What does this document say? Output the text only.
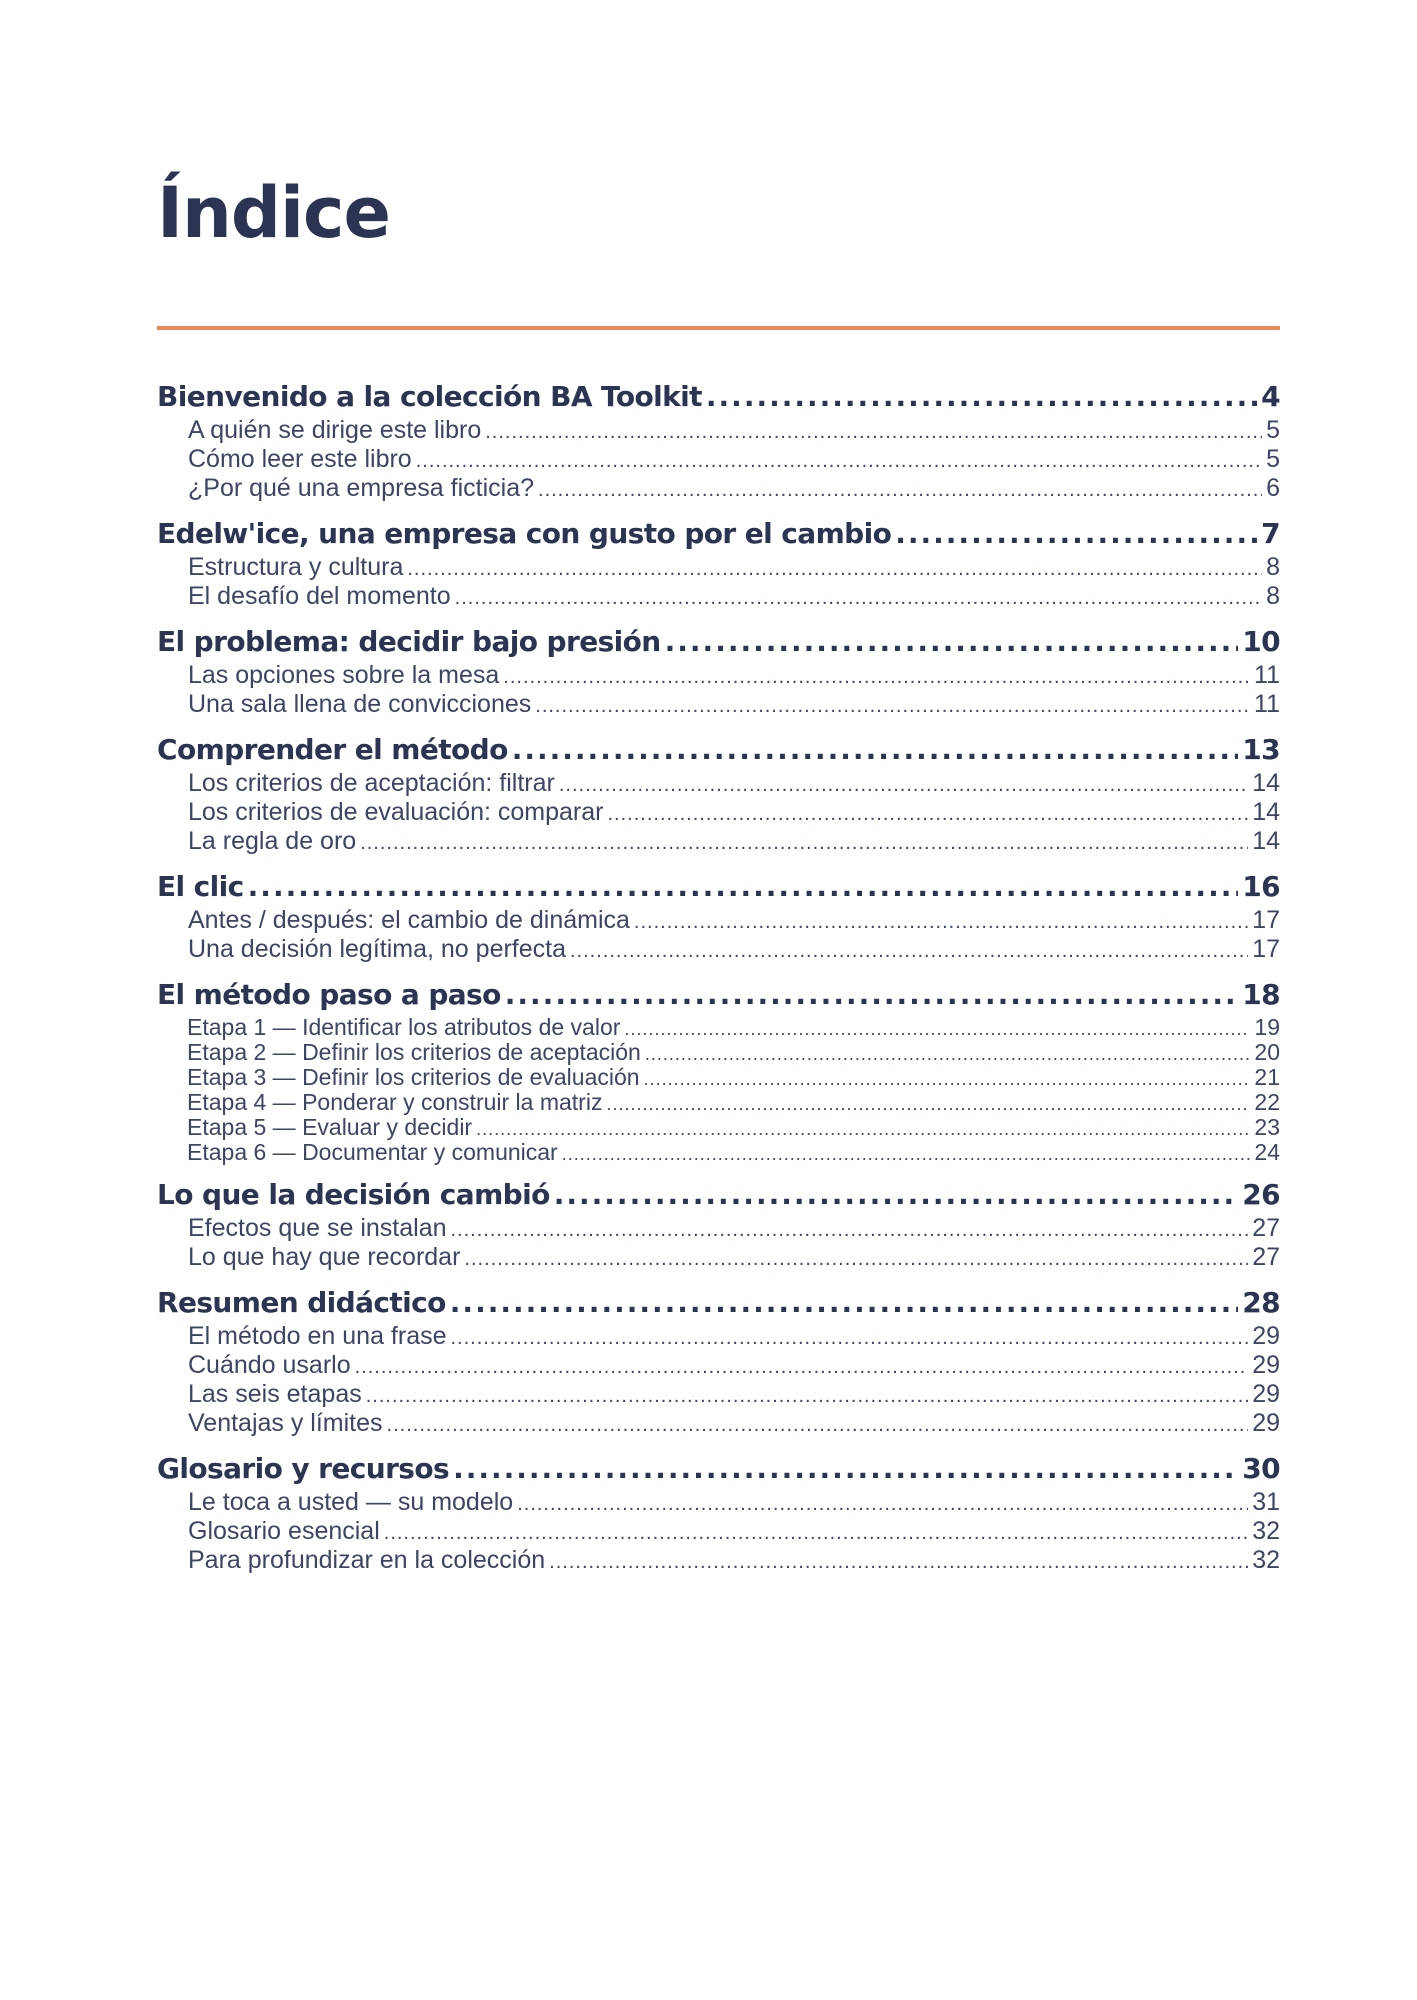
Índice
Bienvenido a la colección BA Toolkit .....	4
A quién se dirige este libro .....	5
Cómo leer este libro .....	5
¿Por qué una empresa ficticia? .....	6
Edelw'ice, una empresa con gusto por el cambio .....	7
Estructura y cultura .....	8
El desafío del momento .....	8
El problema: decidir bajo presión .....	10
Las opciones sobre la mesa .....	11
Una sala llena de convicciones .....	11
Comprender el método .....	13
Los criterios de aceptación: filtrar .....	14
Los criterios de evaluación: comparar .....	14
La regla de oro .....	14
El clic .....	16
Antes / después: el cambio de dinámica .....	17
Una decisión legítima, no perfecta .....	17
El método paso a paso .....	18
Etapa 1 — Identificar los atributos de valor .....	19
Etapa 2 — Definir los criterios de aceptación .....	20
Etapa 3 — Definir los criterios de evaluación .....	21
Etapa 4 — Ponderar y construir la matriz .....	22
Etapa 5 — Evaluar y decidir .....	23
Etapa 6 — Documentar y comunicar .....	24
Lo que la decisión cambió .....	26
Efectos que se instalan .....	27
Lo que hay que recordar .....	27
Resumen didáctico .....	28
El método en una frase .....	29
Cuándo usarlo .....	29
Las seis etapas .....	29
Ventajas y límites .....	29
Glosario y recursos .....	30
Le toca a usted — su modelo .....	31
Glosario esencial .....	32
Para profundizar en la colección .....	32
